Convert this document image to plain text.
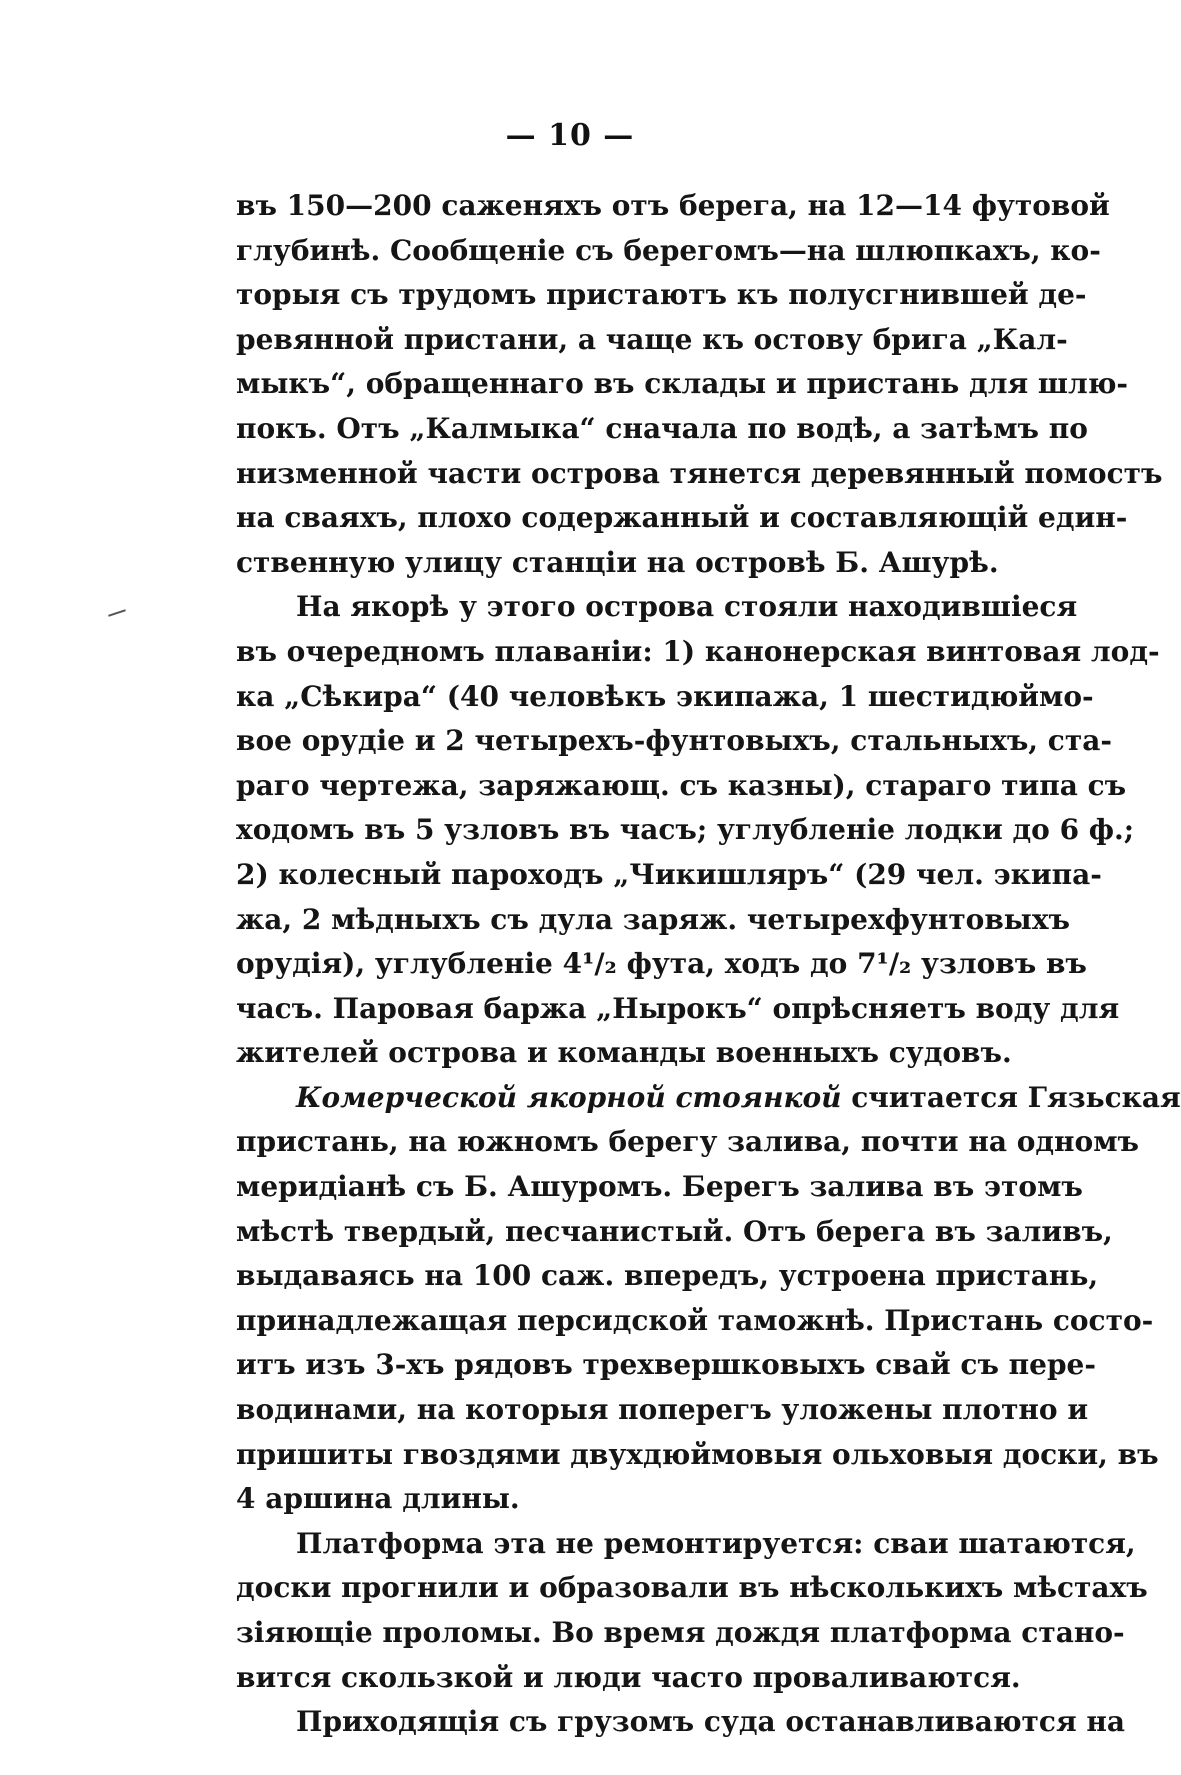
— 10 —
въ 150—200 саженяхъ отъ берега, на 12—14 футовой
глубинѣ. Сообщеніе съ берегомъ—на шлюпкахъ, ко-
торыя съ трудомъ пристаютъ къ полусгнившей де-
ревянной пристани, а чаще къ остову брига „Кал-
мыкъ“, обращеннаго въ склады и пристань для шлю-
покъ. Отъ „Калмыка“ сначала по водѣ, а затѣмъ по
низменной части острова тянется деревянный помостъ
на сваяхъ, плохо содержанный и составляющій един-
ственную улицу станціи на островѣ Б. Ашурѣ.
На якорѣ у этого острова стояли находившіеся
въ очередномъ плаваніи: 1) канонерская винтовая лод-
ка „Сѣкира“ (40 человѣкъ экипажа, 1 шестидюймо-
вое орудіе и 2 четырехъ-фунтовыхъ, стальныхъ, ста-
раго чертежа, заряжающ. съ казны), стараго типа съ
ходомъ въ 5 узловъ въ часъ; углубленіе лодки до 6 ф.;
2) колесный пароходъ „Чикишляръ“ (29 чел. экипа-
жа, 2 мѣдныхъ съ дула заряж. четырехфунтовыхъ
орудія), углубленіе 4¹/₂ фута, ходъ до 7¹/₂ узловъ въ
часъ. Паровая баржа „Нырокъ“ опрѣсняетъ воду для
жителей острова и команды военныхъ судовъ.
Комерческой якорной стоянкой считается Гязьская
пристань, на южномъ берегу залива, почти на одномъ
меридіанѣ съ Б. Ашуромъ. Берегъ залива въ этомъ
мѣстѣ твердый, песчанистый. Отъ берега въ заливъ,
выдаваясь на 100 саж. впередъ, устроена пристань,
принадлежащая персидской таможнѣ. Пристань состо-
итъ изъ 3-хъ рядовъ трехвершковыхъ свай съ пере-
водинами, на которыя поперегъ уложены плотно и
пришиты гвоздями двухдюймовыя ольховыя доски, въ
4 аршина длины.
Платформа эта не ремонтируется: сваи шатаются,
доски прогнили и образовали въ нѣсколькихъ мѣстахъ
зіяющіе проломы. Во время дождя платформа стано-
вится скользкой и люди часто проваливаются.
Приходящія съ грузомъ суда останавливаются на
